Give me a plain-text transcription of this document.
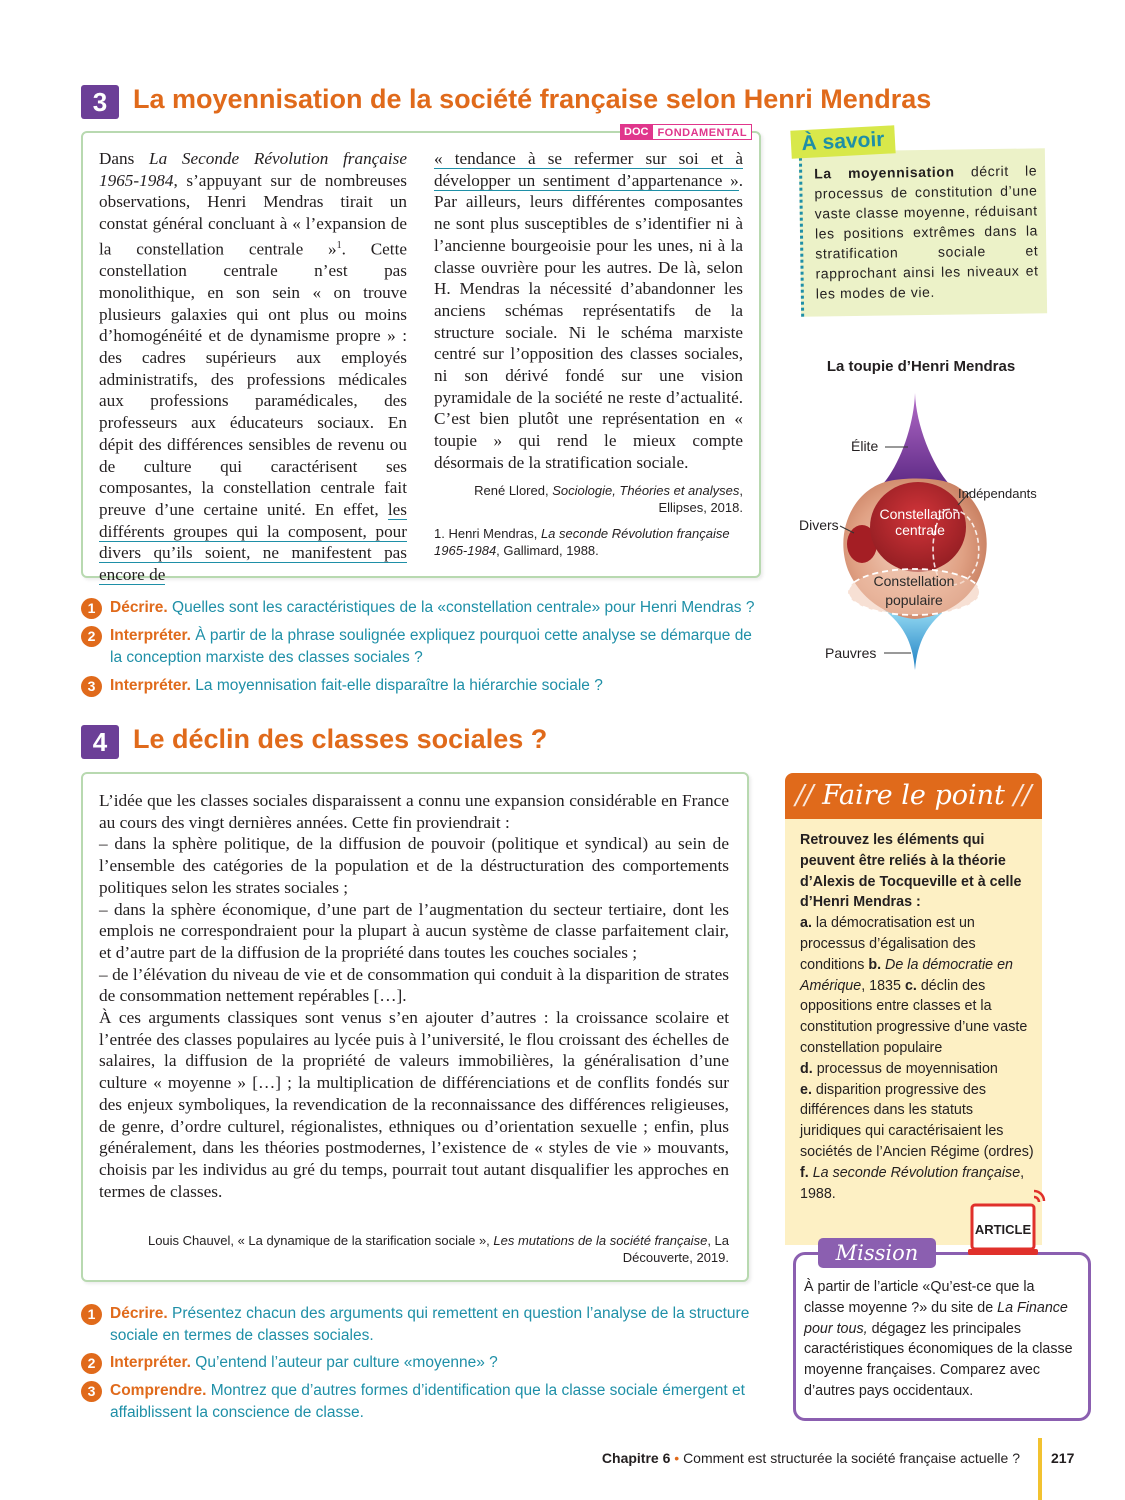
3 La moyennisation de la société française selon Henri Mendras
DOC FONDAMENTAL
Dans La Seconde Révolution française 1965-1984, s’appuyant sur de nombreuses observations, Henri Mendras tirait un constat général concluant à « l’expansion de la constellation centrale »$^1$. Cette constellation centrale n’est pas monolithique, en son sein « on trouve plusieurs galaxies qui ont plus ou moins d’homogénéité et de dynamisme propre » : des cadres supérieurs aux employés administratifs, des professions médicales aux professions paramédicales, des professeurs aux éducateurs sociaux. En dépit des différences sensibles de revenu ou de culture qui caractérisent ses composantes, la constellation centrale fait preuve d’une certaine unité. En effet, les différents groupes qui la composent, pour divers qu’ils soient, ne manifestent pas encore de
« tendance à se refermer sur soi et à développer un sentiment d’appartenance ». Par ailleurs, leurs différentes composantes ne sont plus susceptibles de s’identifier ni à l’ancienne bourgeoisie pour les unes, ni à la classe ouvrière pour les autres. De là, selon H. Mendras la nécessité d’abandonner les anciens schémas représentatifs de la structure sociale. Ni le schéma marxiste centré sur l’opposition des classes sociales, ni son dérivé fondé sur une vision pyramidale de la société ne reste d’actualité. C’est bien plutôt une représentation en « toupie » qui rend le mieux compte désormais de la stratification sociale.
René Llored, Sociologie, Théories et analyses, Ellipses, 2018.
1. Henri Mendras, La seconde Révolution française 1965-1984, Gallimard, 1988.
1 Décrire. Quelles sont les caractéristiques de la «constellation centrale» pour Henri Mendras ?
2 Interpréter. À partir de la phrase soulignée expliquez pourquoi cette analyse se démarque de la conception marxiste des classes sociales ?
3 Interpréter. La moyennisation fait-elle disparaître la hiérarchie sociale ?
La moyennisation décrit le processus de constitution d’une vaste classe moyenne, réduisant les positions extrêmes dans la stratification sociale et rapprochant ainsi les niveaux et les modes de vie.
À savoir
La toupie d’Henri Mendras
Élite
Indépendants
Divers
Pauvres
Constellation
centrale
Constellation
populaire
4 Le déclin des classes sociales ?
L’idée que les classes sociales disparaissent a connu une expansion considérable en France au cours des vingt dernières années. Cette fin proviendrait :
– dans la sphère politique, de la diffusion de pouvoir (politique et syndical) au sein de l’ensemble des catégories de la population et de la déstructuration des comportements politiques selon les strates sociales ;
– dans la sphère économique, d’une part de l’augmentation du secteur tertiaire, dont les emplois ne correspondraient pour la plupart à aucun système de classe parfaitement clair, et d’autre part de la diffusion de la propriété dans toutes les couches sociales ;
– de l’élévation du niveau de vie et de consommation qui conduit à la disparition de strates de consommation nettement repérables […].
À ces arguments classiques sont venus s’en ajouter d’autres : la croissance scolaire et l’entrée des classes populaires au lycée puis à l’université, le flou croissant des échelles de salaires, la diffusion de la propriété de valeurs immobilières, la généralisation d’une culture « moyenne » […] ; la multiplication de différenciations et de conflits fondés sur des enjeux symboliques, la revendication de la reconnaissance des différences religieuses, de genre, d’ordre culturel, régionalistes, ethniques ou d’orientation sexuelle ; enfin, plus généralement, dans les théories postmodernes, l’existence de « styles de vie » mouvants, choisis par les individus au gré du temps, pourrait tout autant disqualifier les approches en termes de classes.
Louis Chauvel, « La dynamique de la starification sociale », Les mutations de la société française, La Découverte, 2019.
1 Décrire. Présentez chacun des arguments qui remettent en question l’analyse de la structure sociale en termes de classes sociales.
2 Interpréter. Qu’entend l’auteur par culture «moyenne» ?
3 Comprendre. Montrez que d’autres formes d’identification que la classe sociale émergent et affaiblissent la conscience de classe.
// Faire le point //
Retrouvez les éléments qui peuvent être reliés à la théorie d’Alexis de Tocqueville et à celle d’Henri Mendras :
a. la démocratisation est un processus d’égalisation des conditions b. De la démocratie en Amérique, 1835 c. déclin des oppositions entre classes et la constitution progressive d’une vaste constellation populaire
d. processus de moyennisation
e. disparition progressive des différences dans les statuts juridiques qui caractérisaient les sociétés de l’Ancien Régime (ordres) f. La seconde Révolution française, 1988.
Mission
ARTICLE
À partir de l’article «Qu’est-ce que la classe moyenne ?» du site de La Finance pour tous, dégagez les principales caractéristiques économiques de la classe moyenne françaises. Comparez avec d’autres pays occidentaux.
Chapitre 6 • Comment est structurée la société française actuelle ? 217
